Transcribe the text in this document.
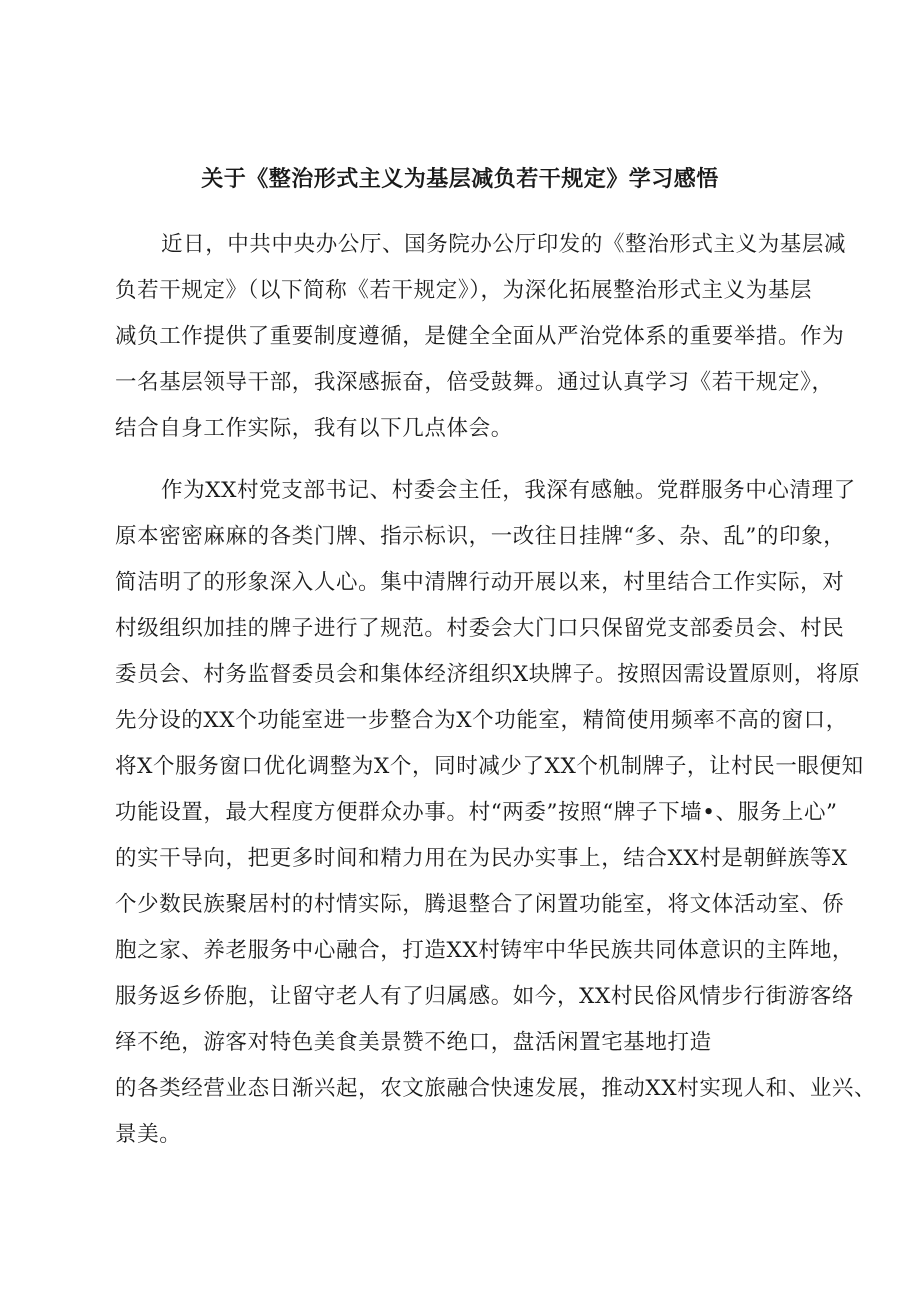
关于《整治形式主义为基层减负若干规定》学习感悟
近日，中共中央办公厅、国务院办公厅印发的《整治形式主义为基层减
负若干规定》（以下简称《若干规定》），为深化拓展整治形式主义为基层
减负工作提供了重要制度遵循，是健全全面从严治党体系的重要举措。作为
一名基层领导干部，我深感振奋，倍受鼓舞。通过认真学习《若干规定》，
结合自身工作实际，我有以下几点体会。
作为XX村党支部书记、村委会主任，我深有感触。党群服务中心清理了
原本密密麻麻的各类门牌、指示标识，一改往日挂牌“多、杂、乱”的印象，
简洁明了的形象深入人心。集中清牌行动开展以来，村里结合工作实际，对
村级组织加挂的牌子进行了规范。村委会大门口只保留党支部委员会、村民
委员会、村务监督委员会和集体经济组织X块牌子。按照因需设置原则，将原
先分设的XX个功能室进一步整合为X个功能室，精简使用频率不高的窗口，
将X个服务窗口优化调整为X个，同时减少了XX个机制牌子，让村民一眼便知
功能设置，最大程度方便群众办事。村“两委”按照“牌子下墙•、服务上心”
的实干导向，把更多时间和精力用在为民办实事上，结合XX村是朝鲜族等X
个少数民族聚居村的村情实际，腾退整合了闲置功能室，将文体活动室、侨
胞之家、养老服务中心融合，打造XX村铸牢中华民族共同体意识的主阵地，
服务返乡侨胞，让留守老人有了归属感。如今，XX村民俗风情步行街游客络
绎不绝，游客对特色美食美景赞不绝口，盘活闲置宅基地打造
的各类经营业态日渐兴起，农文旅融合快速发展，推动XX村实现人和、业兴、
景美。
